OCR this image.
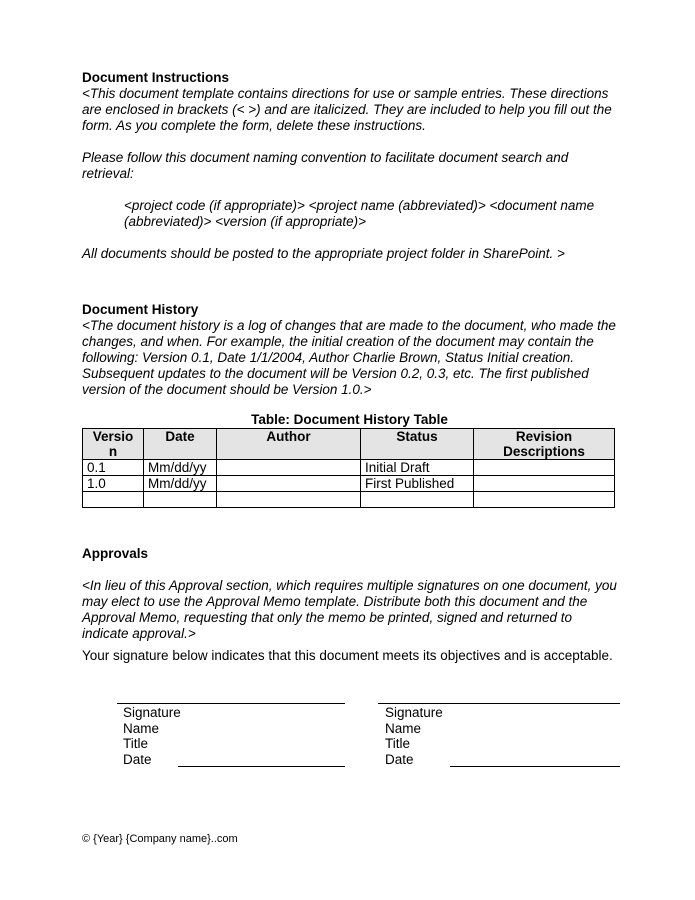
Document Instructions

<This document template contains directions for use or sample entries. These directions are enclosed in brackets (< >) and are italicized. They are included to help you fill out the form. As you complete the form, delete these instructions.

Please follow this document naming convention to facilitate document search and retrieval:

<project code (if appropriate)> <project name (abbreviated)> <document name (abbreviated)> <version (if appropriate)>

All documents should be posted to the appropriate project folder in SharePoint. >

Document History

<The document history is a log of changes that are made to the document, who made the changes, and when. For example, the initial creation of the document may contain the following: Version 0.1, Date 1/1/2004, Author Charlie Brown, Status Initial creation. Subsequent updates to the document will be Version 0.2, 0.3, etc. The first published version of the document should be Version 1.0.>

Table: Document History Table

Versio n	Date	Author	Status	Revision Descriptions
0.1	Mm/dd/yy		Initial Draft	
1.0	Mm/dd/yy		First Published	

Approvals

<In lieu of this Approval section, which requires multiple signatures on one document, you may elect to use the Approval Memo template. Distribute both this document and the Approval Memo, requesting that only the memo be printed, signed and returned to indicate approval.>

Your signature below indicates that this document meets its objectives and is acceptable.

Signature
Name
Title
Date
Signature
Name
Title
Date
© {Year} {Company name}..com
